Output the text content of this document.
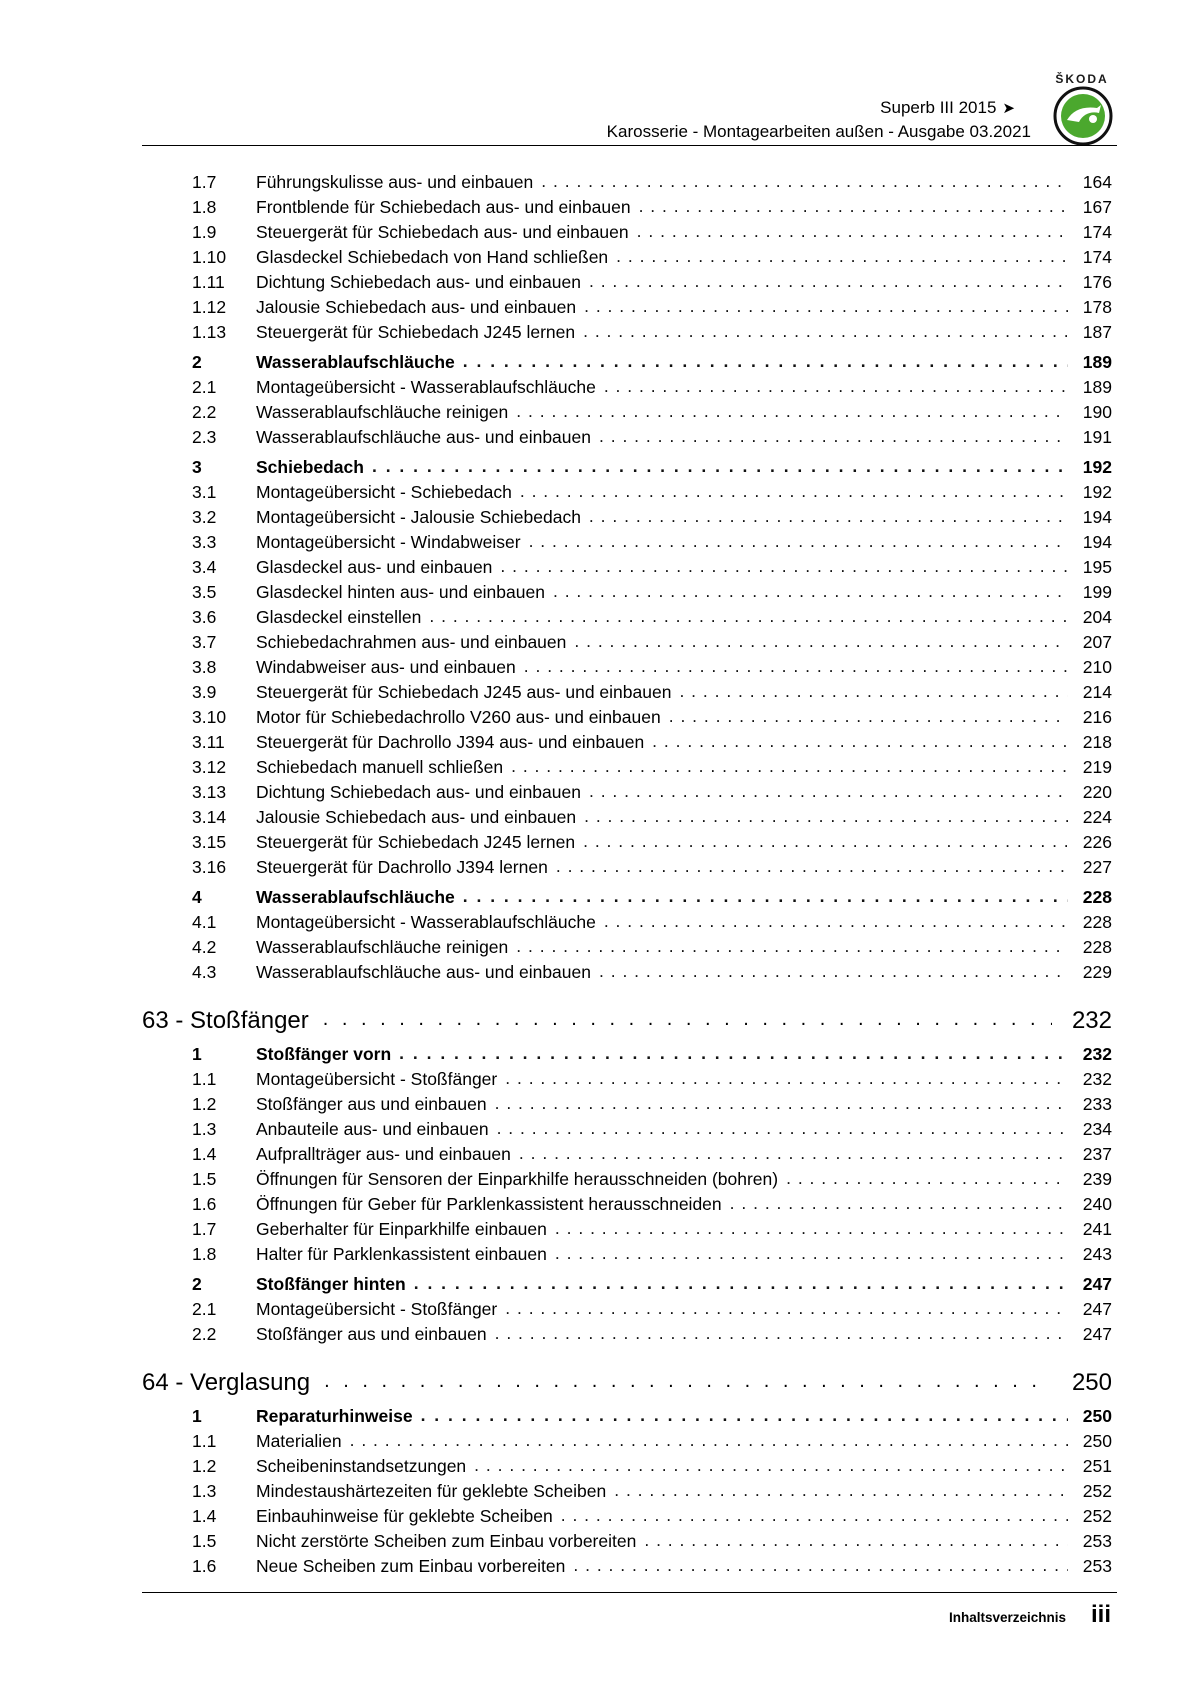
ŠKODA
Superb III 2015 ➤
Karosserie - Montagearbeiten außen - Ausgabe 03.2021
1.7	Führungskulisse aus- und einbauen . . .	164
1.8	Frontblende für Schiebedach aus- und einbauen . . .	167
1.9	Steuergerät für Schiebedach aus- und einbauen . . .	174
1.10	Glasdeckel Schiebedach von Hand schließen . . .	174
1.11	Dichtung Schiebedach aus- und einbauen . . .	176
1.12	Jalousie Schiebedach aus- und einbauen . . .	178
1.13	Steuergerät für Schiebedach J245 lernen . . .	187
2	Wasserablaufschläuche . . .	189
2.1	Montageübersicht - Wasserablaufschläuche . . .	189
2.2	Wasserablaufschläuche reinigen . . .	190
2.3	Wasserablaufschläuche aus- und einbauen . . .	191
3	Schiebedach . . .	192
3.1	Montageübersicht - Schiebedach . . .	192
3.2	Montageübersicht - Jalousie Schiebedach . . .	194
3.3	Montageübersicht - Windabweiser . . .	194
3.4	Glasdeckel aus- und einbauen . . .	195
3.5	Glasdeckel hinten aus- und einbauen . . .	199
3.6	Glasdeckel einstellen . . .	204
3.7	Schiebedachrahmen aus- und einbauen . . .	207
3.8	Windabweiser aus- und einbauen . . .	210
3.9	Steuergerät für Schiebedach J245 aus- und einbauen . . .	214
3.10	Motor für Schiebedachrollo V260 aus- und einbauen . . .	216
3.11	Steuergerät für Dachrollo J394 aus- und einbauen . . .	218
3.12	Schiebedach manuell schließen . . .	219
3.13	Dichtung Schiebedach aus- und einbauen . . .	220
3.14	Jalousie Schiebedach aus- und einbauen . . .	224
3.15	Steuergerät für Schiebedach J245 lernen . . .	226
3.16	Steuergerät für Dachrollo J394 lernen . . .	227
4	Wasserablaufschläuche . . .	228
4.1	Montageübersicht - Wasserablaufschläuche . . .	228
4.2	Wasserablaufschläuche reinigen . . .	228
4.3	Wasserablaufschläuche aus- und einbauen . . .	229
63 - Stoßfänger . . .	232
1	Stoßfänger vorn . . .	232
1.1	Montageübersicht - Stoßfänger . . .	232
1.2	Stoßfänger aus und einbauen . . .	233
1.3	Anbauteile aus- und einbauen . . .	234
1.4	Aufprallträger aus- und einbauen . . .	237
1.5	Öffnungen für Sensoren der Einparkhilfe herausschneiden (bohren) . . .	239
1.6	Öffnungen für Geber für Parklenkassistent herausschneiden . . .	240
1.7	Geberhalter für Einparkhilfe einbauen . . .	241
1.8	Halter für Parklenkassistent einbauen . . .	243
2	Stoßfänger hinten . . .	247
2.1	Montageübersicht - Stoßfänger . . .	247
2.2	Stoßfänger aus und einbauen . . .	247
64 - Verglasung . . .	250
1	Reparaturhinweise . . .	250
1.1	Materialien . . .	250
1.2	Scheibeninstandsetzungen . . .	251
1.3	Mindestaushärtezeiten für geklebte Scheiben . . .	252
1.4	Einbauhinweise für geklebte Scheiben . . .	252
1.5	Nicht zerstörte Scheiben zum Einbau vorbereiten . . .	253
1.6	Neue Scheiben zum Einbau vorbereiten . . .	253
Inhaltsverzeichnis iii
